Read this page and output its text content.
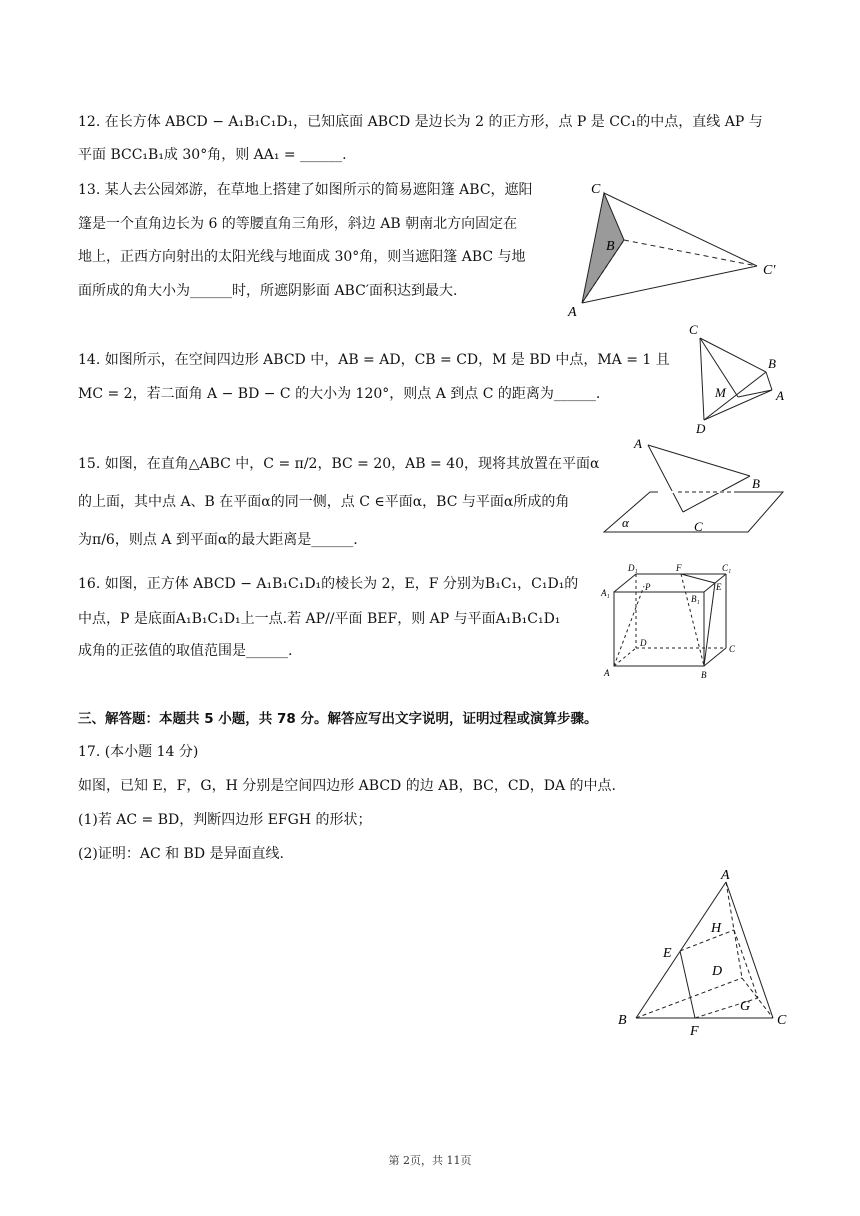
12. 在长方体 ABCD − A₁B₁C₁D₁，已知底面 ABCD 是边长为 2 的正方形，点 P 是 CC₁的中点，直线 AP 与
平面 BCC₁B₁成 30°角，则 AA₁ = ______.
13. 某人去公园郊游，在草地上搭建了如图所示的简易遮阳篷 ABC，遮阳
篷是一个直角边长为 6 的等腰直角三角形，斜边 AB 朝南北方向固定在
地上，正西方向射出的太阳光线与地面成 30°角，则当遮阳篷 ABC 与地
面所成的角大小为______时，所遮阴影面 ABC′面积达到最大.
C
B
C′
A
14. 如图所示，在空间四边形 ABCD 中，AB = AD，CB = CD，M 是 BD 中点，MA = 1 且
MC = 2，若二面角 A − BD − C 的大小为 120°，则点 A 到点 C 的距离为______.
C
B
M	A
D
15. 如图，在直角△ABC 中，C = π/2，BC = 20，AB = 40，现将其放置在平面α
的上面，其中点 A、B 在平面α的同一侧，点 C ∈平面α，BC 与平面α所成的角
为π/6，则点 A 到平面α的最大距离是______.
A
B
α	C
16. 如图，正方体 ABCD − A₁B₁C₁D₁的棱长为 2，E，F 分别为B₁C₁，C₁D₁的
中点，P 是底面A₁B₁C₁D₁上一点.若 AP//平面 BEF，则 AP 与平面A₁B₁C₁D₁
成角的正弦值的取值范围是______.
D₁	F	C₁
A₁
P
B₁
E
D
C
A	B
三、解答题：本题共 5 小题，共 78 分。解答应写出文字说明，证明过程或演算步骤。
17. (本小题 14 分)
如图，已知 E，F，G，H 分别是空间四边形 ABCD 的边 AB，BC，CD，DA 的中点.
(1)若 AC = BD，判断四边形 EFGH 的形状；
(2)证明：AC 和 BD 是异面直线.
A
H
E
D
G
B
F
C
第 2页，共 11页
